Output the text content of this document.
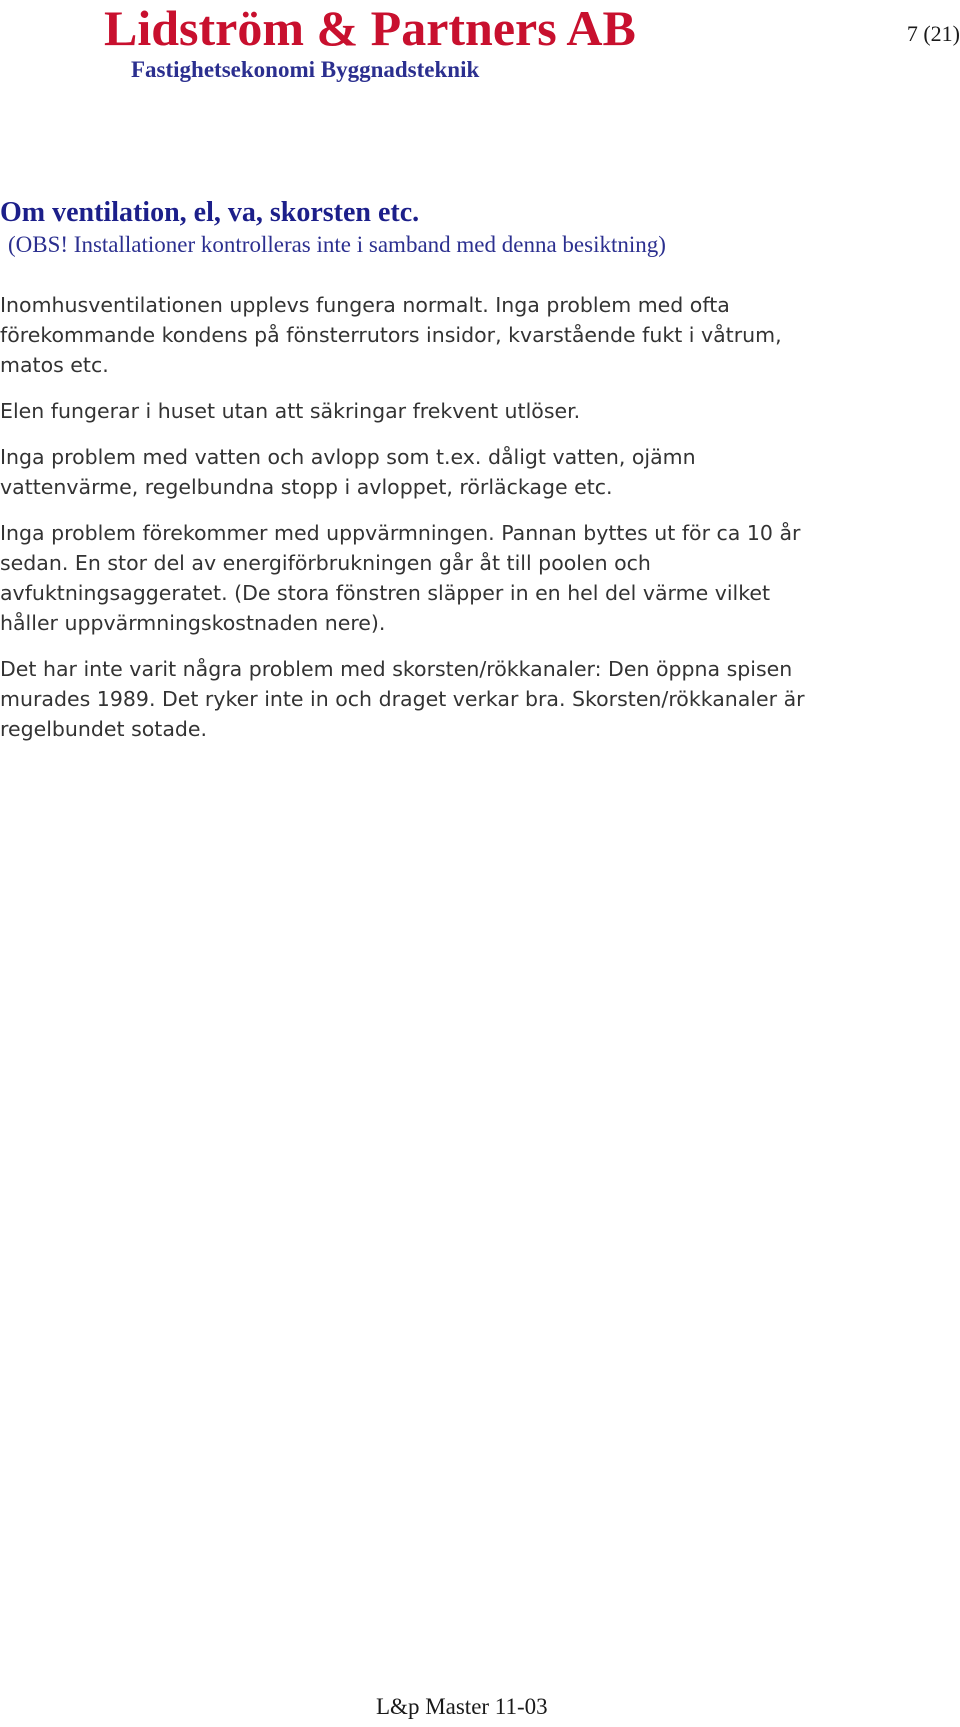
Lidström & Partners AB
Fastighetsekonomi Byggnadsteknik
7 (21)
Om ventilation, el, va, skorsten etc.
(OBS! Installationer kontrolleras inte i samband med denna besiktning)

Inomhusventilationen upplevs fungera normalt. Inga problem med ofta förekommande kondens på fönsterrutors insidor, kvarstående fukt i våtrum, matos etc.

Elen fungerar i huset utan att säkringar frekvent utlöser.

Inga problem med vatten och avlopp som t.ex. dåligt vatten, ojämn vattenvärme, regelbundna stopp i avloppet, rörläckage etc.

Inga problem förekommer med uppvärmningen. Pannan byttes ut för ca 10 år sedan. En stor del av energiförbrukningen går åt till poolen och avfuktningsaggeratet. (De stora fönstren släpper in en hel del värme vilket håller uppvärmningskostnaden nere).

Det har inte varit några problem med skorsten/rökkanaler: Den öppna spisen murades 1989. Det ryker inte in och draget verkar bra. Skorsten/rökkanaler är regelbundet sotade.

L&p Master 11-03
